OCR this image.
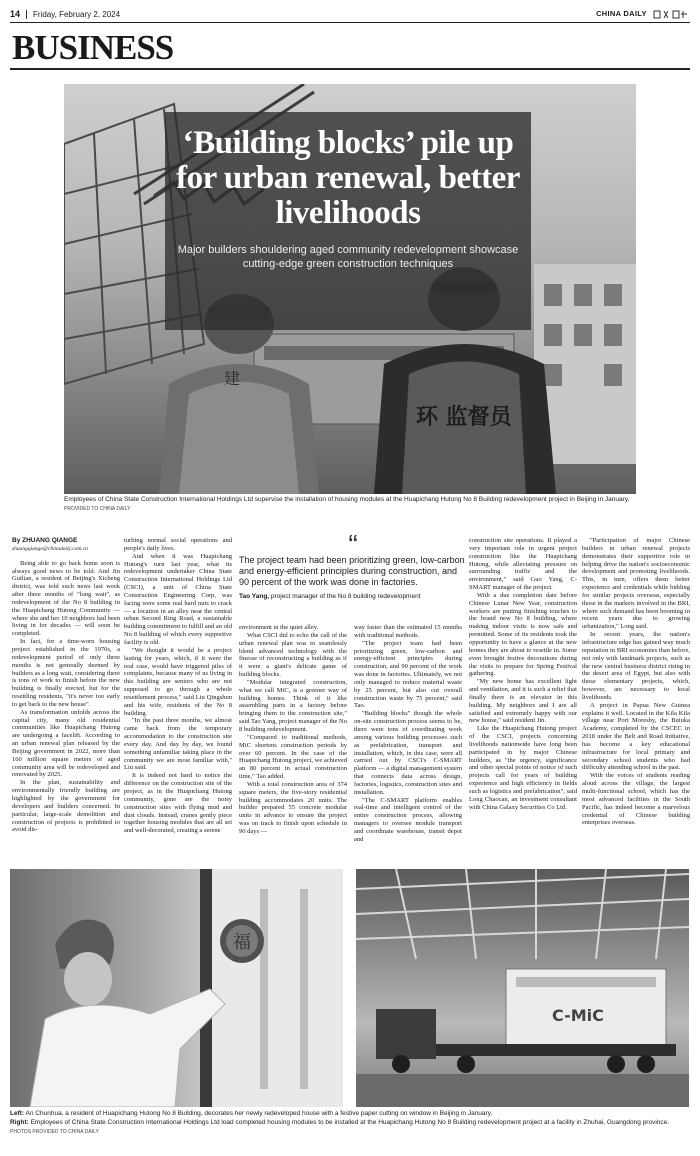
14 Friday, February 2, 2024	CHINA DAILY
BUSINESS
建
环 监督员
‘Building blocks’ pile up for urban renewal, better livelihoods

Major builders shouldering aged community redevelopment showcase cutting-edge green construction techniques

Employees of China State Construction International Holdings Ltd supervise the installation of housing modules at the Huapichang Hutong No 8 Building redevelopment project in Beijing in January. PROVIDED TO CHINA DAILY
By ZHUANG QIANGE
zhuangqiange@chinadaily.com.cn

Being able to go back home soon is always good news to be told. And Jin Guilian, a resident of Beijing's Xicheng district, was told such news last week after three months of "long wait", as redevelopment of the No 8 building in the Huapichang Hutong Community — where she and her 10 neighbors had been living in for decades — will soon be completed.

In fact, for a time-worn housing project established in the 1970s, a redevelopment period of only three months is not generally deemed by builders as a long wait, considering there is tons of work to finish before the new building is finally erected, but for the resettling residents, "it's never too early to get back to the new house".

As transformation unfolds across the capital city, many old residential communities like Huapichang Hutong are undergoing a facelift. According to an urban renewal plan released by the Beijing government in 2022, more than 160 million square meters of aged community area will be redeveloped and renovated by 2025.

In the plan, sustainability and environmentally friendly building are highlighted by the government for developers and builders concerned. In particular, large-scale demolition and construction of projects is prohibited to avoid dis-

turbing normal social operations and people's daily lives.

And when it was Huapichang Hutong's turn last year, what its redevelopment undertaker China State Construction International Holdings Ltd (CSCI), a unit of China State Construction Engineering Corp, was facing were some real hard nuts to crack — a location in an alley near the central urban Second Ring Road, a sustainable building commitment to fulfill and an old No 8 building of which every supportive facility is old.

"We thought it would be a project lasting for years, which, if it were the real case, would have triggered piles of complaints, because many of us living in this building are seniors who are not supposed to go through a whole resettlement process," said Liu Qingshun and his wife, residents of the No 8 building.

"In the past three months, we almost came back from the temporary accommodation to the construction site every day. And day by day, we found something unfamiliar taking place in the community we are most familiar with," Liu said.

It is indeed not hard to notice the difference on the construction site of the project, as in the Huapichang Hutong community, gone are the noisy construction sites with flying mud and dust clouds. Instead, cranes gently piece together housing modules that are all set and well-decorated, creating a serene

“
The project team had been prioritizing green, low-carbon and energy-efficient principles during construction, and 90 percent of the work was done in factories.
Tao Yang, project manager of the No 8 building redevelopment

environment in the quiet alley.

What CSCI did to echo the call of the urban renewal plan was to seamlessly blend advanced technology with the finesse of reconstructing a building as if it were a giant's delicate game of building blocks.

"Modular integrated construction, what we call MiC, is a greener way of building homes. Think of it like assembling parts in a factory before bringing them to the construction site," said Tao Yang, project manager of the No 8 building redevelopment.

"Compared to traditional methods, MiC shortens construction periods by over 60 percent. In the case of the Huapichang Hutong project, we achieved an 80 percent in actual construction time," Tao added.

With a total construction area of 374 square meters, the five-story residential building accommodates 20 units. The builder prepared 55 concrete modular units in advance to ensure the project was on track to finish upon schedule in 90 days —

way faster than the estimated 15 months with traditional methods.

"The project team had been prioritizing green, low-carbon and energy-efficient principles during construction, and 90 percent of the work was done in factories. Ultimately, we not only managed to reduce material waste by 25 percent, but also cut overall construction waste by 75 percent," said Tao.

"Building blocks" though the whole on-site construction process seems to be, there were tons of coordinating work among various building processes such as prefabrication, transport and installation, which, in this case, were all carried out by CSCI's C-SMART platform — a digital management system that connects data across design, factories, logistics, construction sites and installation.

"The C-SMART platform enables real-time and intelligent control of the entire construction process, allowing managers to oversee module transport and coordinate warehouse, transit depot and

construction site operations. It played a very important role in urgent project construction like the Huapichang Hutong, while alleviating pressure on surrounding traffic and the environment," said Guo Yang, C-SMART manager of the project.

With a due completion date before Chinese Lunar New Year, construction workers are putting finishing touches to the brand new No 8 building, where making indoor visits is now safe and permitted. Some of its residents took the opportunity to have a glance at the new homes they are about to resettle in. Some even brought festive decorations during the visits to prepare for Spring Festival gathering.

"My new home has excellent light and ventilation, and it is such a relief that finally there is an elevator in this building. My neighbors and I are all satisfied and extremely happy with our new house," said resident Jin.

Like the Huapichang Hutong project of the CSCI, projects concerning livelihoods nationwide have long been participated in by major Chinese builders, as "the urgency, significance and other special points of notice of such projects call for years of building experience and high efficiency in fields such as logistics and prefabrication", said Long Chaocan, an investment consultant with China Galaxy Securities Co Ltd.

"Participation of major Chinese builders in urban renewal projects demonstrates their supportive role in helping drive the nation's socioeconomic development and promoting livelihoods. This, in turn, offers them better experience and credentials while bidding for similar projects overseas, especially those in the markets involved in the BRI, where such demand has been booming in recent years due to growing urbanization," Long said.

In recent years, the nation's infrastructure edge has gained way much reputation in BRI economies than before, not only with landmark projects, such as the new central business district rising in the desert area of Egypt, but also with those elementary projects, which, however, are necessary to local livelihoods.

A project in Papua New Guinea explains it well. Located in the Kila Kila village near Port Moresby, the Butuka Academy, completed by the CSCEC in 2018 under the Belt and Road Initiative, has become a key educational infrastructure for local primary and secondary school students who had difficulty attending school in the past.

With the voices of students reading aloud across the village, the largest multi-functional school, which has the most advanced facilities in the South Pacific, has indeed become a marvelous credential of Chinese building enterprises overseas.

福
C-MiC
Left: An Chunhua, a resident of Huapichang Hutong No 8 Building, decorates her newly redeveloped house with a festive paper cutting on window in Beijing in January.
Right: Employees of China State Construction International Holdings Ltd load completed housing modules to be installed at the Huapichang Hutong No 8 Building redevelopment project at a facility in Zhuhai, Guangdong province. PHOTOS PROVIDED TO CHINA DAILY
